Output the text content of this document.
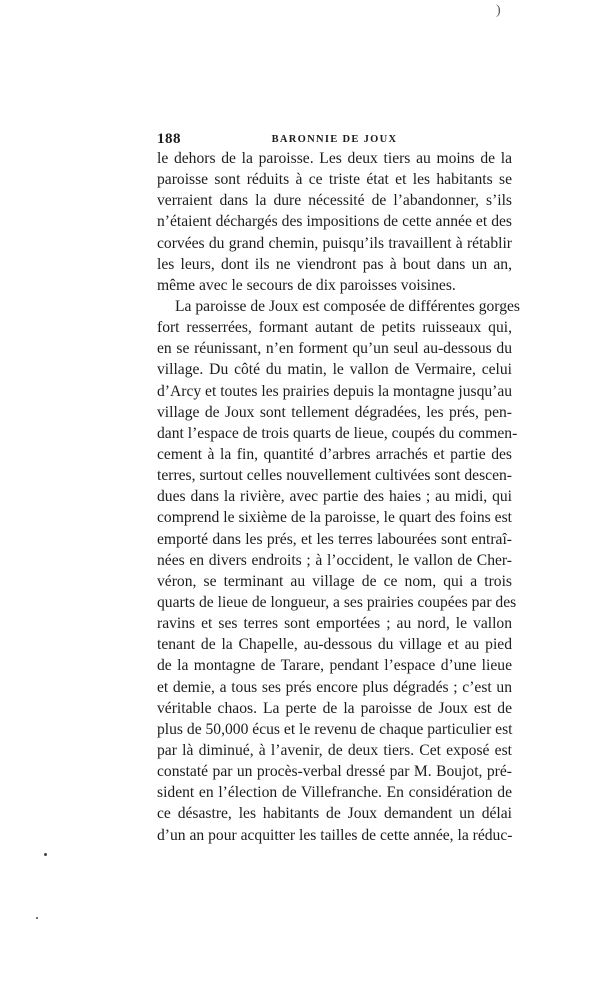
)
188	BARONNIE DE JOUX
le dehors de la paroisse. Les deux tiers au moins de la
paroisse sont réduits à ce triste état et les habitants se
verraient dans la dure nécessité de l’abandonner, s’ils
n’étaient déchargés des impositions de cette année et des
corvées du grand chemin, puisqu’ils travaillent à rétablir
les leurs, dont ils ne viendront pas à bout dans un an,
même avec le secours de dix paroisses voisines.
La paroisse de Joux est composée de différentes gorges
fort resserrées, formant autant de petits ruisseaux qui,
en se réunissant, n’en forment qu’un seul au-dessous du
village. Du côté du matin, le vallon de Vermaire, celui
d’Arcy et toutes les prairies depuis la montagne jusqu’au
village de Joux sont tellement dégradées, les prés, pen-
dant l’espace de trois quarts de lieue, coupés du commen-
cement à la fin, quantité d’arbres arrachés et partie des
terres, surtout celles nouvellement cultivées sont descen-
dues dans la rivière, avec partie des haies ; au midi, qui
comprend le sixième de la paroisse, le quart des foins est
emporté dans les prés, et les terres labourées sont entraî-
nées en divers endroits ; à l’occident, le vallon de Cher-
véron, se terminant au village de ce nom, qui a trois
quarts de lieue de longueur, a ses prairies coupées par des
ravins et ses terres sont emportées ; au nord, le vallon
tenant de la Chapelle, au-dessous du village et au pied
de la montagne de Tarare, pendant l’espace d’une lieue
et demie, a tous ses prés encore plus dégradés ; c’est un
véritable chaos. La perte de la paroisse de Joux est de
plus de 50,000 écus et le revenu de chaque particulier est
par là diminué, à l’avenir, de deux tiers. Cet exposé est
constaté par un procès-verbal dressé par M. Boujot, pré-
sident en l’élection de Villefranche. En considération de
ce désastre, les habitants de Joux demandent un délai
d’un an pour acquitter les tailles de cette année, la réduc-
